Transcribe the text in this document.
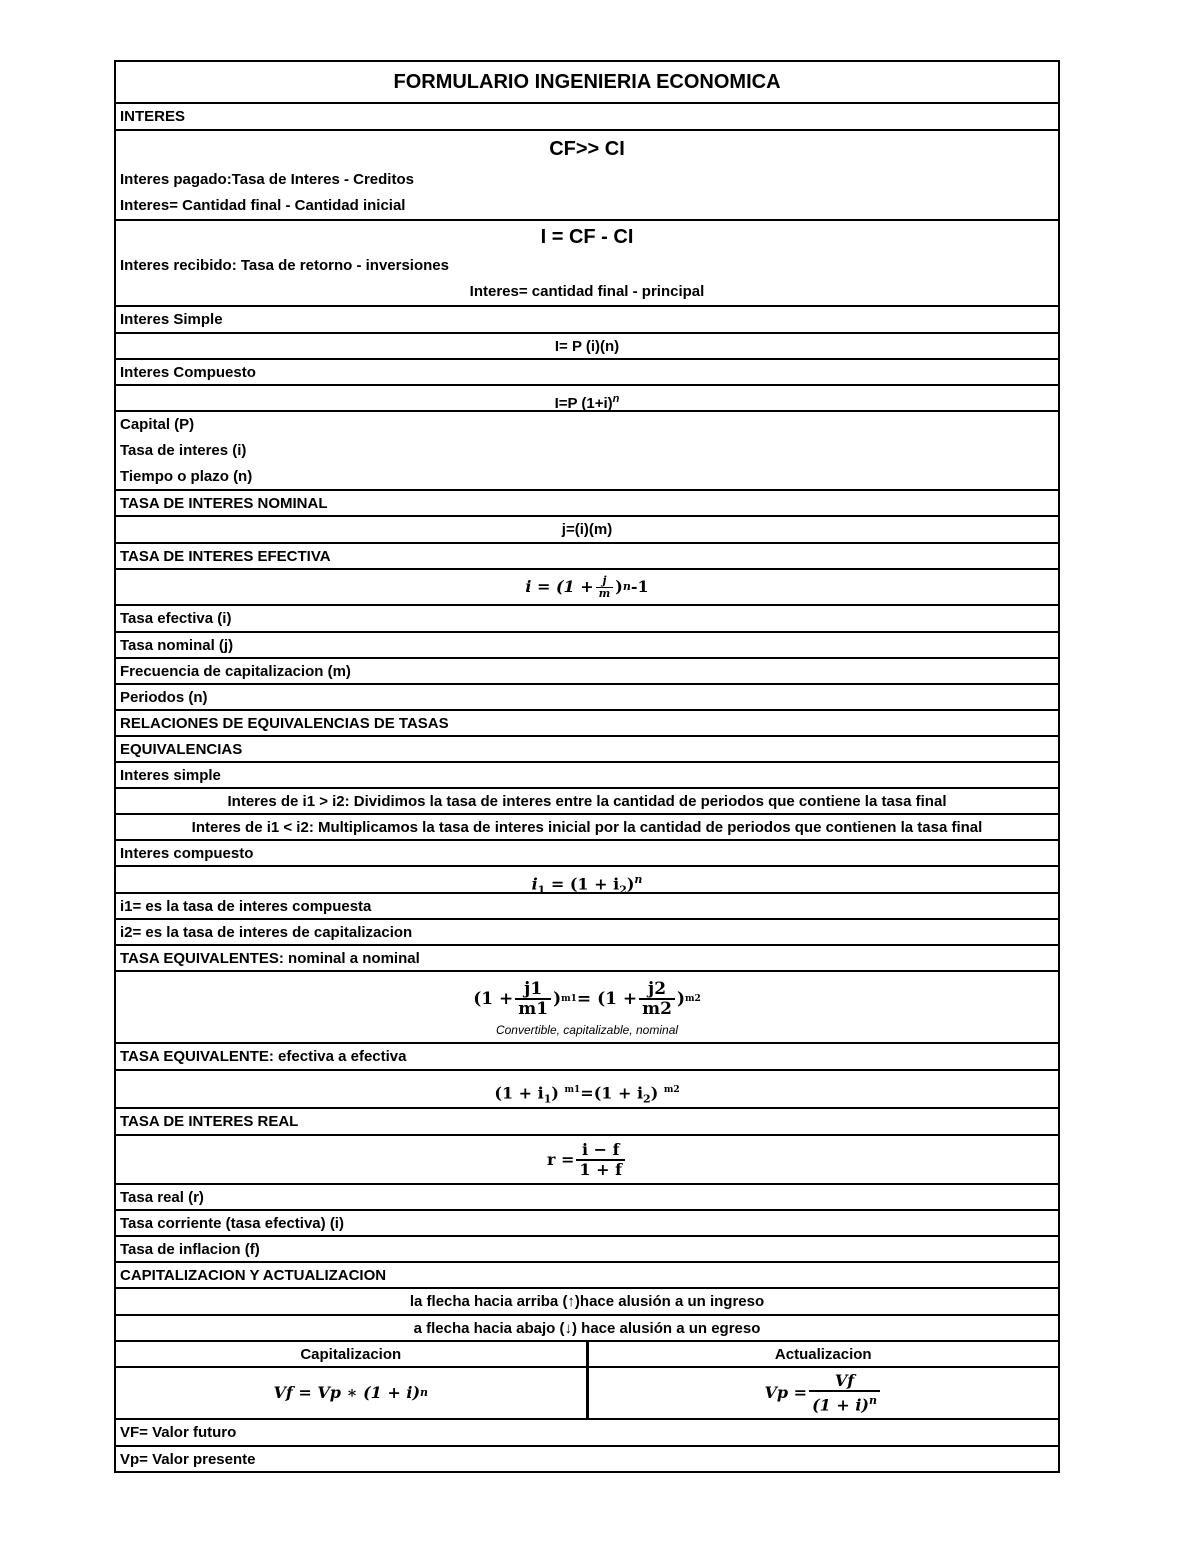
FORMULARIO INGENIERIA ECONOMICA
INTERES
CF>> CI
Interes pagado:Tasa de Interes - Creditos
Interes= Cantidad final - Cantidad inicial
I = CF - CI
Interes recibido: Tasa de retorno - inversiones
Interes= cantidad final - principal
Interes Simple
I= P (i)(n)
Interes Compuesto
I=P $(1+i)^n$
Capital (P)
Tasa de interes (i)
Tiempo o plazo (n)
TASA DE INTERES NOMINAL
j=(i)(m)
TASA DE INTERES EFECTIVA
$i = (1 + \frac{j}{m}$ ) n -1
Tasa efectiva (i)
Tasa nominal (j)
Frecuencia de capitalizacion (m)
Periodos (n)
RELACIONES DE EQUIVALENCIAS DE TASAS
EQUIVALENCIAS
Interes simple
Interes de i1 > i2: Dividimos la tasa de interes entre la cantidad de periodos que contiene la tasa final
Interes de i1 < i2: Multiplicamos la tasa de interes inicial por la cantidad de periodos que contienen la tasa final
Interes compuesto
$i_1 = (1 + i_2)^n$
i1= es la tasa de interes compuesta
i2= es la tasa de interes de capitalizacion
TASA EQUIVALENTES: nominal a nominal
($1 + \frac{j1}{m1}$ ) $m1 = (1 + \frac{j2}{m2}$ ) m2
Convertible, capitalizable, nominal
TASA EQUIVALENTE: efectiva a efectiva
$(1 + i_1)$ $^{m1}=(1 + i_2)$ $^{m2}$
TASA DE INTERES REAL
$r = \frac{i - f}{1 + f}$
Tasa real (r)
Tasa corriente (tasa efectiva) (i)
Tasa de inflacion (f)
CAPITALIZACION Y ACTUALIZACION
la flecha hacia arriba (↑)hace alusión a un ingreso
a flecha hacia abajo (↓) hace alusión a un egreso
Capitalizacion	Actualizacion
Vf = Vp ∗ (1 + i) n	$Vp = \frac{Vf}{(1 + i)^n}$
VF= Valor futuro
Vp= Valor presente
